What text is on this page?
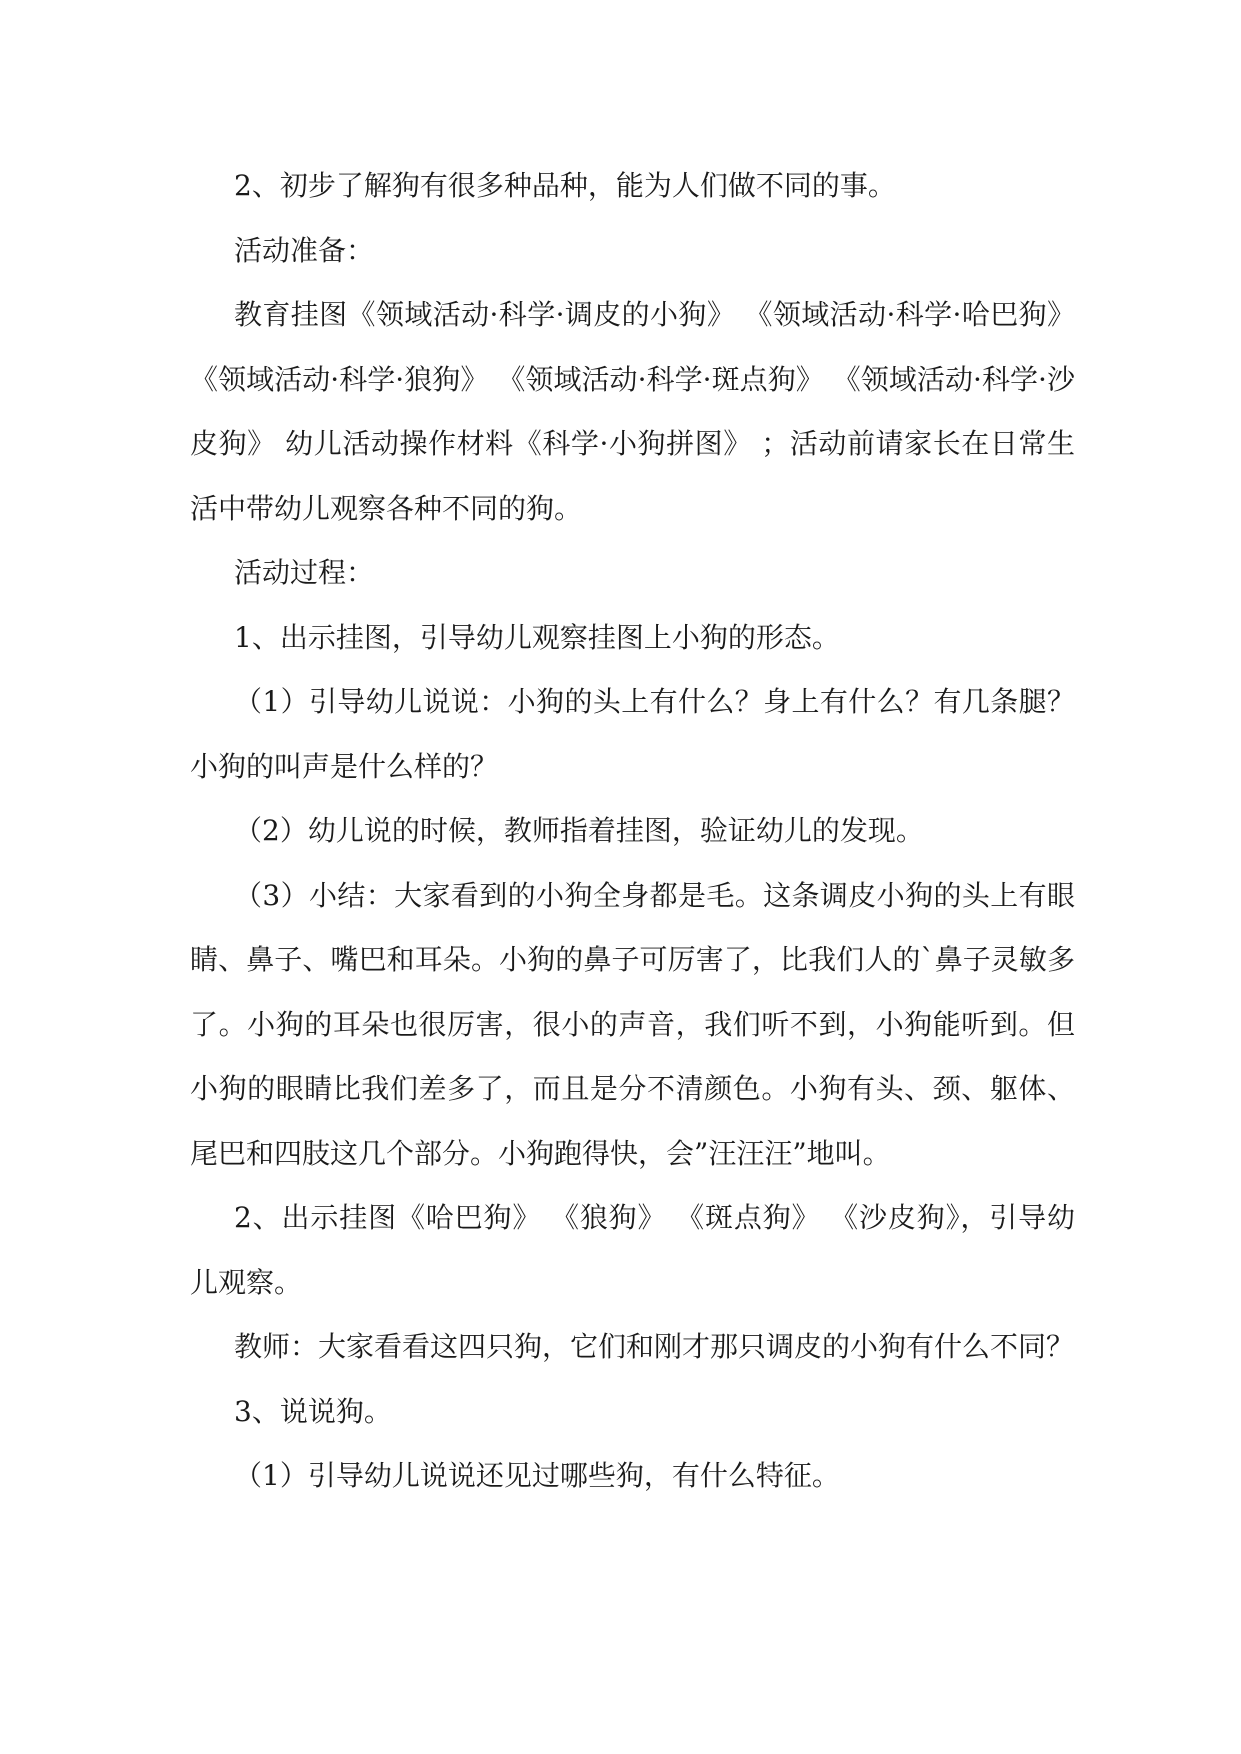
2、初步了解狗有很多种品种，能为人们做不同的事。

活动准备：

教育挂图《领域活动·科学·调皮的小狗》 《领域活动·科学·哈巴狗》 《领域活动·科学·狼狗》 《领域活动·科学·斑点狗》 《领域活动·科学·沙皮狗》 幼儿活动操作材料《科学·小狗拼图》 ；活动前请家长在日常生活中带幼儿观察各种不同的狗。

活动过程：

1、出示挂图，引导幼儿观察挂图上小狗的形态。

（1）引导幼儿说说：小狗的头上有什么？身上有什么？有几条腿？小狗的叫声是什么样的？

（2）幼儿说的时候，教师指着挂图，验证幼儿的发现。

（3）小结：大家看到的小狗全身都是毛。这条调皮小狗的头上有眼睛、鼻子、嘴巴和耳朵。小狗的鼻子可厉害了，比我们人的`鼻子灵敏多了。小狗的耳朵也很厉害，很小的声音，我们听不到，小狗能听到。但小狗的眼睛比我们差多了，而且是分不清颜色。小狗有头、颈、躯体、尾巴和四肢这几个部分。小狗跑得快，会”汪汪汪”地叫。

2、出示挂图《哈巴狗》 《狼狗》 《斑点狗》 《沙皮狗》，引导幼儿观察。

教师：大家看看这四只狗，它们和刚才那只调皮的小狗有什么不同？

3、说说狗。

（1）引导幼儿说说还见过哪些狗，有什么特征。
